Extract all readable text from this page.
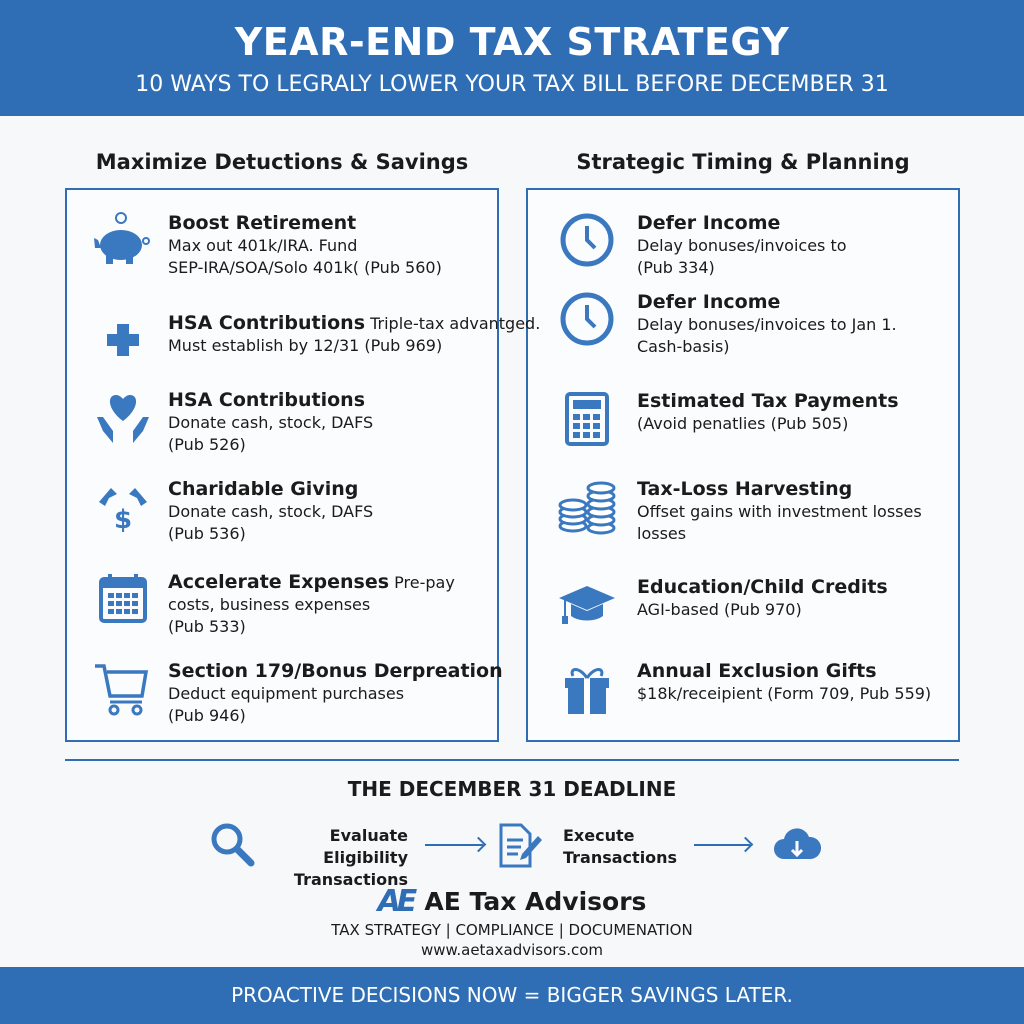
YEAR-END TAX STRATEGY
10 WAYS TO LEGRALY LOWER YOUR TAX BILL BEFORE DECEMBER 31
Maximize Detuctions & Savings	Strategic Timing & Planning
Boost Retirement
Max out 401k/IRA. Fund
SEP-IRA/SOA/Solo 401k( (Pub 560)
HSA Contributions Triple-tax advantged.
Must establish by 12/31 (Pub 969)
HSA Contributions
Donate cash, stock, DAFS
(Pub 526)
$
Charidable Giving
Donate cash, stock, DAFS
(Pub 536)
Accelerate Expenses Pre-pay
costs, business expenses
(Pub 533)
Section 179/Bonus Derpreation
Deduct equipment purchases
(Pub 946)
Defer Income
Delay bonuses/invoices to
(Pub 334)
Defer Income
Delay bonuses/invoices to Jan 1.
Cash-basis)
Estimated Tax Payments
(Avoid penatlies (Pub 505)
Tax-Loss Harvesting
Offset gains with investment losses
losses
Education/Child Credits
AGI-based (Pub 970)
Annual Exclusion Gifts
$18k/receipient (Form 709, Pub 559)
THE DECEMBER 31 DEADLINE
Evaluate Eligibility
Transactions
Execute
Transactions
AE AE Tax Advisors
TAX STRATEGY | COMPLIANCE | DOCUMENATION
www.aetaxadvisors.com
PROACTIVE DECISIONS NOW = BIGGER SAVINGS LATER.
